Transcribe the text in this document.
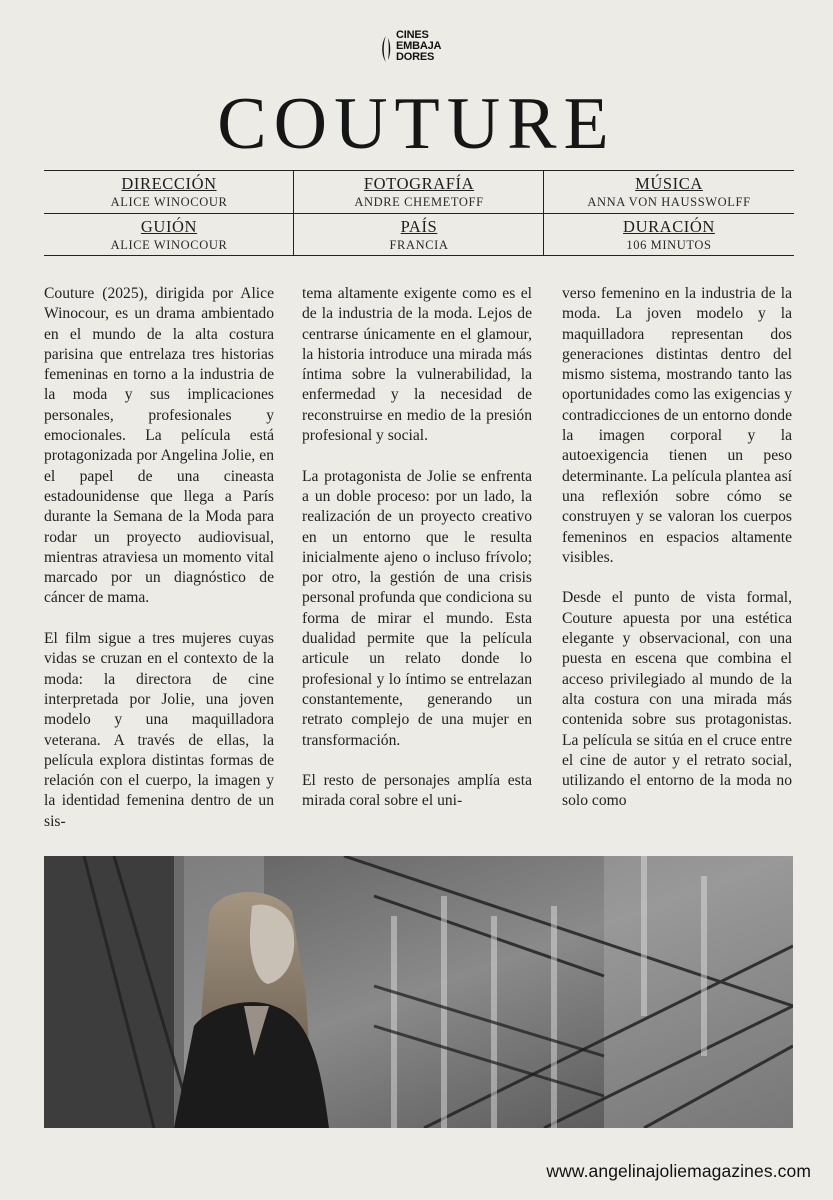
CINES
EMBAJA
DORES
COUTURE
DIRECCIÓN
ALICE WINOCOUR
FOTOGRAFÍA
ANDRE CHEMETOFF
MÚSICA
ANNA VON HAUSSWOLFF
GUIÓN
ALICE WINOCOUR
PAÍS
FRANCIA
DURACIÓN
106 MINUTOS

Couture (2025), dirigida por Alice Winocour, es un drama ambientado en el mundo de la alta costura parisina que entrelaza tres historias femeninas en torno a la industria de la moda y sus implicaciones personales, profesionales y emocionales. La película está protagonizada por Angelina Jolie, en el papel de una cineasta estadounidense que llega a París durante la Semana de la Moda para rodar un proyecto audiovisual, mientras atraviesa un momento vital marcado por un diagnóstico de cáncer de mama.

El film sigue a tres mujeres cuyas vidas se cruzan en el contexto de la moda: la directora de cine interpretada por Jolie, una joven modelo y una maquilladora veterana. A través de ellas, la película explora distintas formas de relación con el cuerpo, la imagen y la identidad femenina dentro de un sis-

tema altamente exigente como es el de la industria de la moda. Lejos de centrarse únicamente en el glamour, la historia introduce una mirada más íntima sobre la vulnerabilidad, la enfermedad y la necesidad de reconstruirse en medio de la presión profesional y social.

La protagonista de Jolie se enfrenta a un doble proceso: por un lado, la realización de un proyecto creativo en un entorno que le resulta inicialmente ajeno o incluso frívolo; por otro, la gestión de una crisis personal profunda que condiciona su forma de mirar el mundo. Esta dualidad permite que la película articule un relato donde lo profesional y lo íntimo se entrelazan constantemente, generando un retrato complejo de una mujer en transformación.

El resto de personajes amplía esta mirada coral sobre el uni-

verso femenino en la industria de la moda. La joven modelo y la maquilladora representan dos generaciones distintas dentro del mismo sistema, mostrando tanto las oportunidades como las exigencias y contradicciones de un entorno donde la imagen corporal y la autoexigencia tienen un peso determinante. La película plantea así una reflexión sobre cómo se construyen y se valoran los cuerpos femeninos en espacios altamente visibles.

Desde el punto de vista formal, Couture apuesta por una estética elegante y observacional, con una puesta en escena que combina el acceso privilegiado al mundo de la alta costura con una mirada más contenida sobre sus protagonistas. La película se sitúa en el cruce entre el cine de autor y el retrato social, utilizando el entorno de la moda no solo como

www.angelinajoliemagazines.com
